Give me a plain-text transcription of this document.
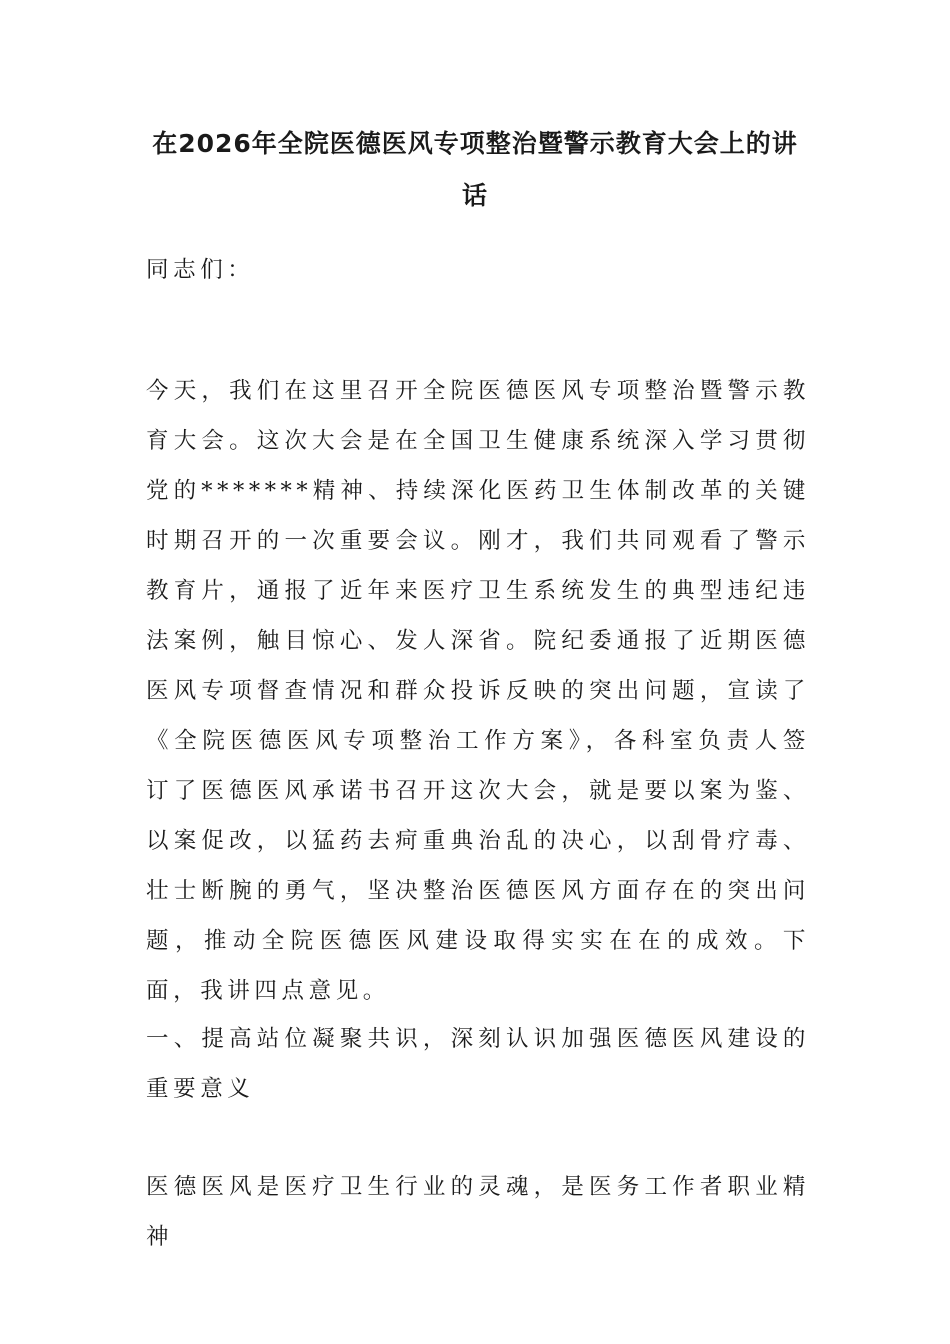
在2026年全院医德医风专项整治暨警示教育大会上的讲话

同志们：

今天，我们在这里召开全院医德医风专项整治暨警示教育大会。这次大会是在全国卫生健康系统深入学习贯彻党的*******精神、持续深化医药卫生体制改革的关键时期召开的一次重要会议。刚才，我们共同观看了警示教育片，通报了近年来医疗卫生系统发生的典型违纪违法案例，触目惊心、发人深省。院纪委通报了近期医德医风专项督查情况和群众投诉反映的突出问题，宣读了《全院医德医风专项整治工作方案》，各科室负责人签订了医德医风承诺书召开这次大会，就是要以案为鉴、以案促改，以猛药去疴重典治乱的决心，以刮骨疗毒、壮士断腕的勇气，坚决整治医德医风方面存在的突出问题，推动全院医德医风建设取得实实在在的成效。下面，我讲四点意见。

一、提高站位凝聚共识，深刻认识加强医德医风建设的重要意义

医德医风是医疗卫生行业的灵魂，是医务工作者职业精神
